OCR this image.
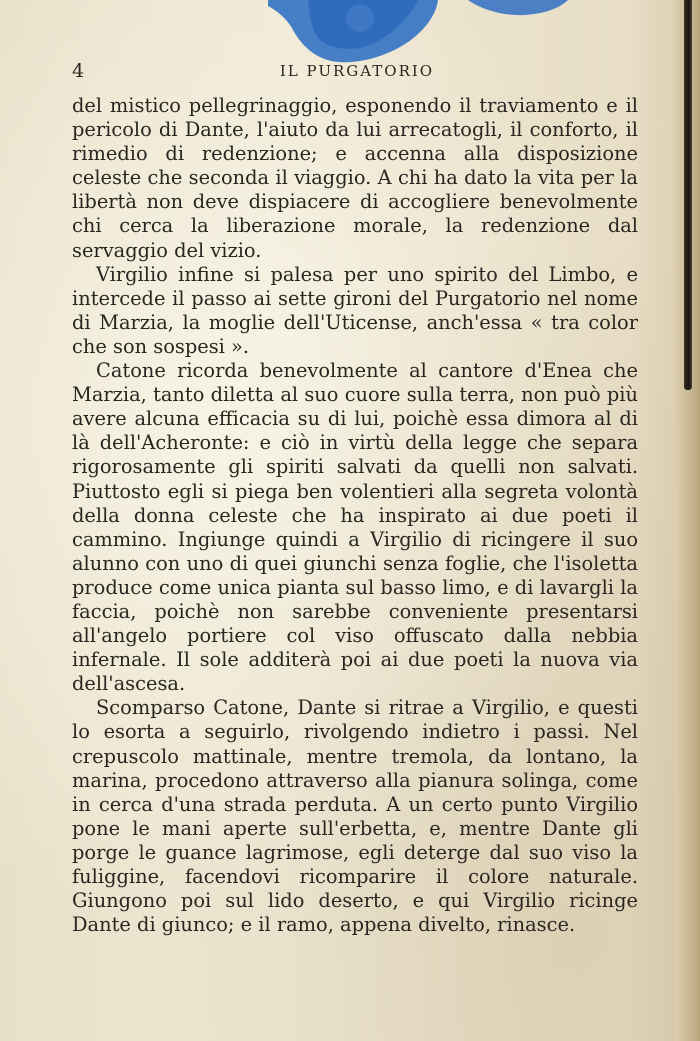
4	IL PURGATORIO

del mistico pellegrinaggio, esponendo il traviamento e il pericolo di Dante, l'aiuto da lui arrecatogli, il conforto, il rimedio di redenzione; e accenna alla disposizione celeste che seconda il viaggio. A chi ha dato la vita per la libertà non deve dispiacere di accogliere benevolmente chi cerca la liberazione morale, la redenzione dal servaggio del vizio.

Virgilio infine si palesa per uno spirito del Limbo, e intercede il passo ai sette gironi del Purgatorio nel nome di Marzia, la moglie dell'Uticense, anch'essa « tra color che son sospesi ».

Catone ricorda benevolmente al cantore d'Enea che Marzia, tanto diletta al suo cuore sulla terra, non può più avere alcuna efficacia su di lui, poichè essa dimora al di là dell'Acheronte: e ciò in virtù della legge che separa rigorosamente gli spiriti salvati da quelli non salvati. Piuttosto egli si piega ben volentieri alla segreta volontà della donna celeste che ha inspirato ai due poeti il cammino. Ingiunge quindi a Virgilio di ricingere il suo alunno con uno di quei giunchi senza foglie, che l'isoletta produce come unica pianta sul basso limo, e di lavargli la faccia, poichè non sarebbe conveniente presentarsi all'angelo portiere col viso offuscato dalla nebbia infernale. Il sole additerà poi ai due poeti la nuova via dell'ascesa.

Scomparso Catone, Dante si ritrae a Virgilio, e questi lo esorta a seguirlo, rivolgendo indietro i passi. Nel crepuscolo mattinale, mentre tremola, da lontano, la marina, procedono attraverso alla pianura solinga, come in cerca d'una strada perduta. A un certo punto Virgilio pone le mani aperte sull'erbetta, e, mentre Dante gli porge le guance lagrimose, egli deterge dal suo viso la fuliggine, facendovi ricomparire il colore naturale. Giungono poi sul lido deserto, e qui Virgilio ricinge Dante di giunco; e il ramo, appena divelto, rinasce.
